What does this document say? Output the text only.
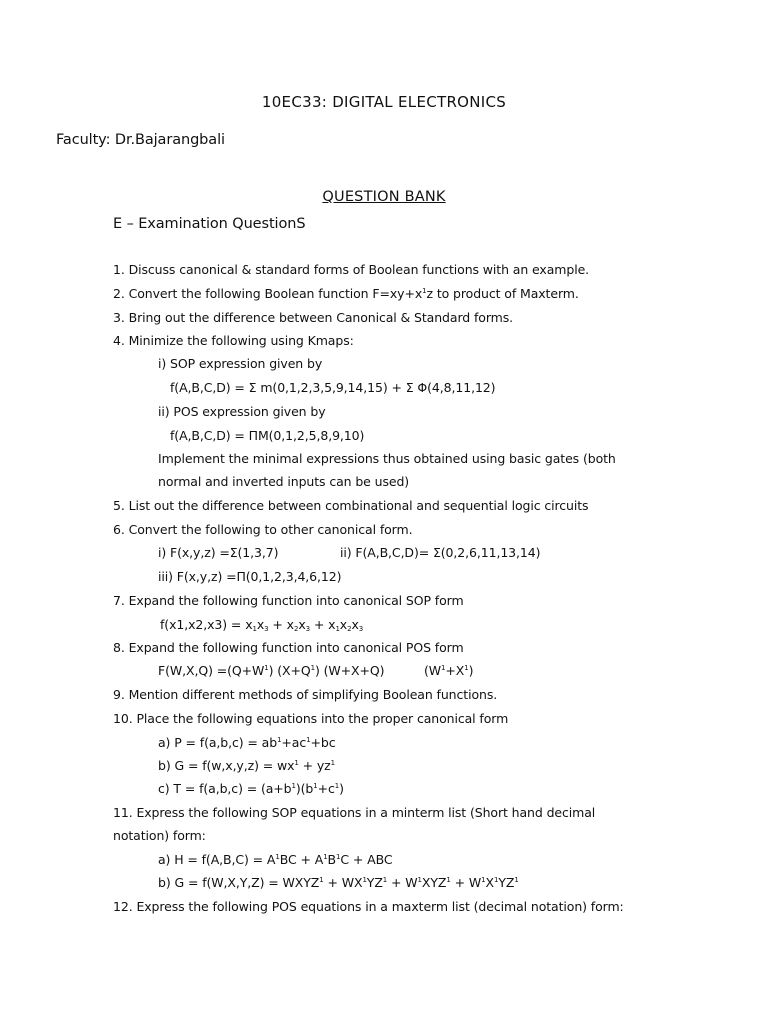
10EC33: DIGITAL ELECTRONICS
Faculty: Dr.Bajarangbali
QUESTION BANK
E – Examination QuestionS
1. Discuss canonical & standard forms of Boolean functions with an example.
2. Convert the following Boolean function $F=xy+x^1z$ to product of Maxterm.
3. Bring out the difference between Canonical & Standard forms.
4. Minimize the following using Kmaps:
i) SOP expression given by
f(A,B,C,D) = Σ m(0,1,2,3,5,9,14,15) + Σ Φ(4,8,11,12)
ii) POS expression given by
f(A,B,C,D) = ΠM(0,1,2,5,8,9,10)
Implement the minimal expressions thus obtained using basic gates (both
normal and inverted inputs can be used)
5. List out the difference between combinational and sequential logic circuits
6. Convert the following to other canonical form.
i) F(x,y,z) =Σ(1,3,7)	ii) F(A,B,C,D)= Σ(0,2,6,11,13,14)
iii) F(x,y,z) =Π(0,1,2,3,4,6,12)
7. Expand the following function into canonical SOP form
$f(x1,x2,x3) = x_1x_3 + x_2x_3 + x_1x_2x_3$
8. Expand the following function into canonical POS form
$F(W,X,Q) =(Q+W^1)$ $(X+Q^1)$ (W+X+Q)	$(W^1+X^1)$
9. Mention different methods of simplifying Boolean functions.
10. Place the following equations into the proper canonical form
a) $P = f(a,b,c) = ab^1+ac^1+bc$
b) $G = f(w,x,y,z) = wx^1 + yz^1$
c) $T = f(a,b,c) = (a+b^1)(b^1+c^1)$
11. Express the following SOP equations in a minterm list (Short hand decimal
notation) form:
a) $H = f(A,B,C) = A^1BC + A^1B^1C$ + ABC
b) $G = f(W,X,Y,Z) = WXYZ^1 + WX^1YZ^1 + W^1XYZ^1 + W^1X^1YZ^1$
12. Express the following POS equations in a maxterm list (decimal notation) form:
